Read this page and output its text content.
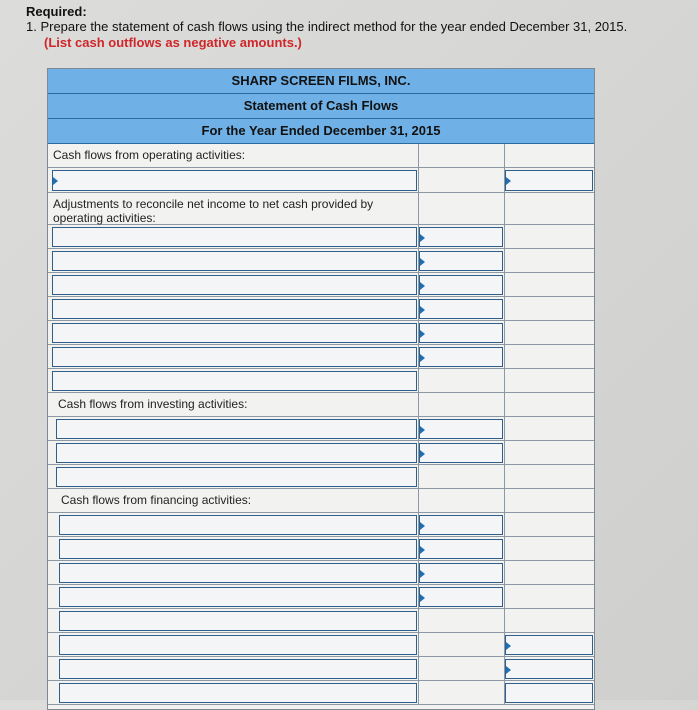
Required:
1. Prepare the statement of cash flows using the indirect method for the year ended December 31, 2015.
(List cash outflows as negative amounts.)
SHARP SCREEN FILMS, INC.
Statement of Cash Flows
For the Year Ended December 31, 2015
Cash flows from operating activities:
Adjustments to reconcile net income to net cash provided by operating activities:
Cash flows from investing activities:
Cash flows from financing activities:
